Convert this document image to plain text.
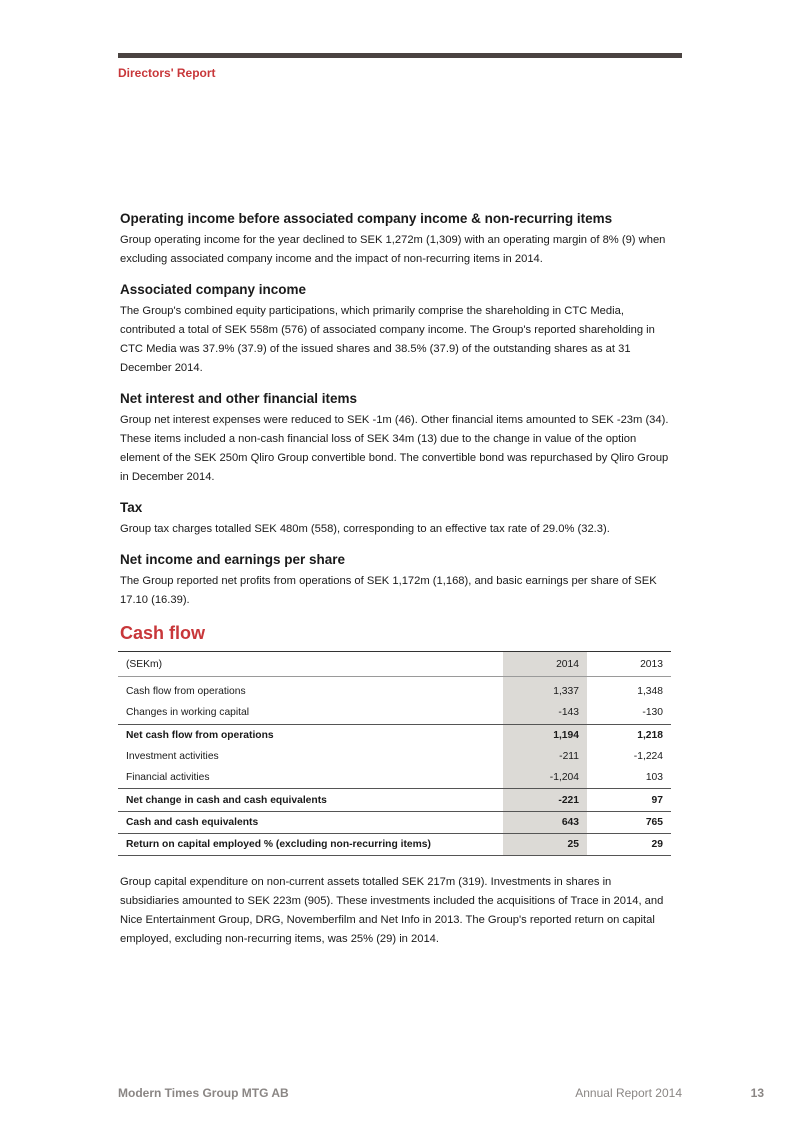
Directors' Report
Operating income before associated company income & non-recurring items

Group operating income for the year declined to SEK 1,272m (1,309) with an operating margin of 8% (9) when excluding associated company income and the impact of non-recurring items in 2014.

Associated company income

The Group's combined equity participations, which primarily comprise the shareholding in CTC Media, contributed a total of SEK 558m (576) of associated company income. The Group's reported shareholding in CTC Media was 37.9% (37.9) of the issued shares and 38.5% (37.9) of the outstanding shares as at 31 December 2014.

Net interest and other financial items

Group net interest expenses were reduced to SEK -1m (46). Other financial items amounted to SEK -23m (34). These items included a non-cash financial loss of SEK 34m (13) due to the change in value of the option element of the SEK 250m Qliro Group convertible bond. The convertible bond was repurchased by Qliro Group in December 2014.

Tax

Group tax charges totalled SEK 480m (558), corresponding to an effective tax rate of 29.0% (32.3).

Net income and earnings per share

The Group reported net profits from operations of SEK 1,172m (1,168), and basic earnings per share of SEK 17.10 (16.39).

Cash flow
(SEKm)	2014	2013
Cash flow from operations	1,337	1,348
Changes in working capital	-143	-130
Net cash flow from operations	1,194	1,218
Investment activities	-211	-1,224
Financial activities	-1,204	103
Net change in cash and cash equivalents	-221	97
Cash and cash equivalents	643	765
Return on capital employed % (excluding non-recurring items)	25	29

Group capital expenditure on non-current assets totalled SEK 217m (319). Investments in shares in subsidiaries amounted to SEK 223m (905). These investments included the acquisitions of Trace in 2014, and Nice Entertainment Group, DRG, Novemberfilm and Net Info in 2013. The Group's reported return on capital employed, excluding non-recurring items, was 25% (29) in 2014.

Modern Times Group MTG AB	Annual Report 2014	13
